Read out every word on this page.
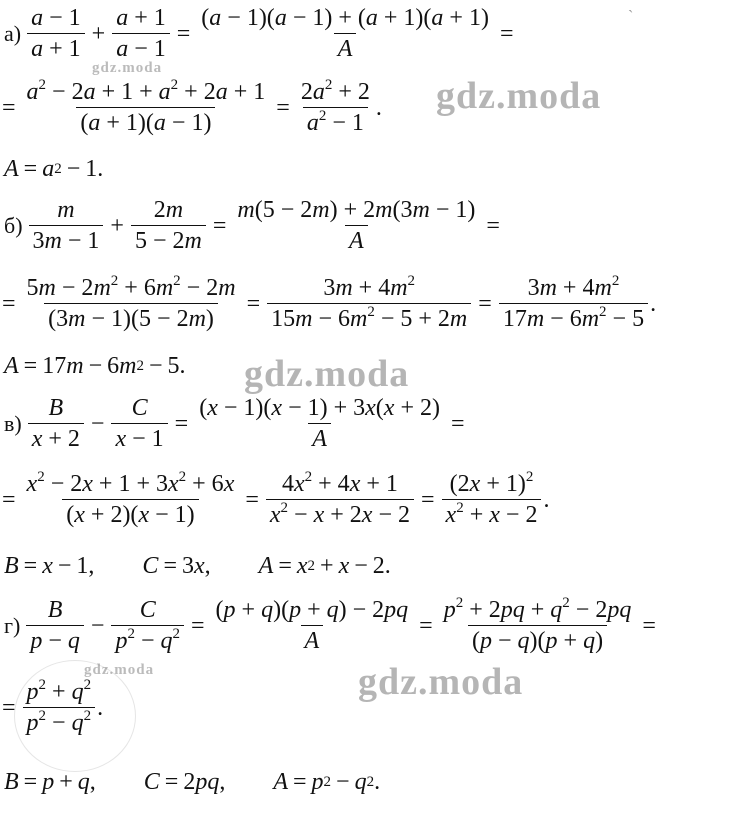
`
$а) \frac{a - 1}{a + 1} + \frac{a + 1}{a - 1} = \frac{(a - 1)(a - 1) + (a + 1)(a + 1)}{A}$ =
= $\frac{a^2 - 2a + 1 + a^2 + 2a + 1}{(a + 1)(a - 1)} = \frac{2a^2 + 2}{a^2 - 1}$ .
A = a 2 − 1.
$б) \frac{m}{3m - 1} + \frac{2m}{5 - 2m} = \frac{m(5 - 2m) + 2m(3m - 1)}{A}$ =
= $\frac{5m - 2m^2 + 6m^2 - 2m}{(3m - 1)(5 - 2m)} = \frac{3m + 4m^2}{15m - 6m^2 - 5 + 2m} = \frac{3m + 4m^2}{17m - 6m^2 - 5}$ .
A = 17 m − 6 m 2 − 5.
$в) \frac{B}{x + 2} - \frac{C}{x - 1} = \frac{(x - 1)(x - 1) + 3x(x + 2)}{A}$ =
= $\frac{x^2 - 2x + 1 + 3x^2 + 6x}{(x + 2)(x - 1)} = \frac{4x^2 + 4x + 1}{x^2 - x + 2x - 2} = \frac{(2x + 1)^2}{x^2 + x - 2}$ .
B = x − 1, C = 3 x , A = x 2 + x − 2.
$г) \frac{B}{p - q} - \frac{C}{p^2 - q^2} = \frac{(p + q)(p + q) - 2pq}{A} = \frac{p^2 + 2pq + q^2 - 2pq}{(p - q)(p + q)}$ =
= $\frac{p^2 + q^2}{p^2 - q^2}$ .
B = p + q , C = 2 pq , A = p 2 − q 2 .
gdz.moda
gdz.moda
gdz.moda
gdz.moda
gdz.moda
